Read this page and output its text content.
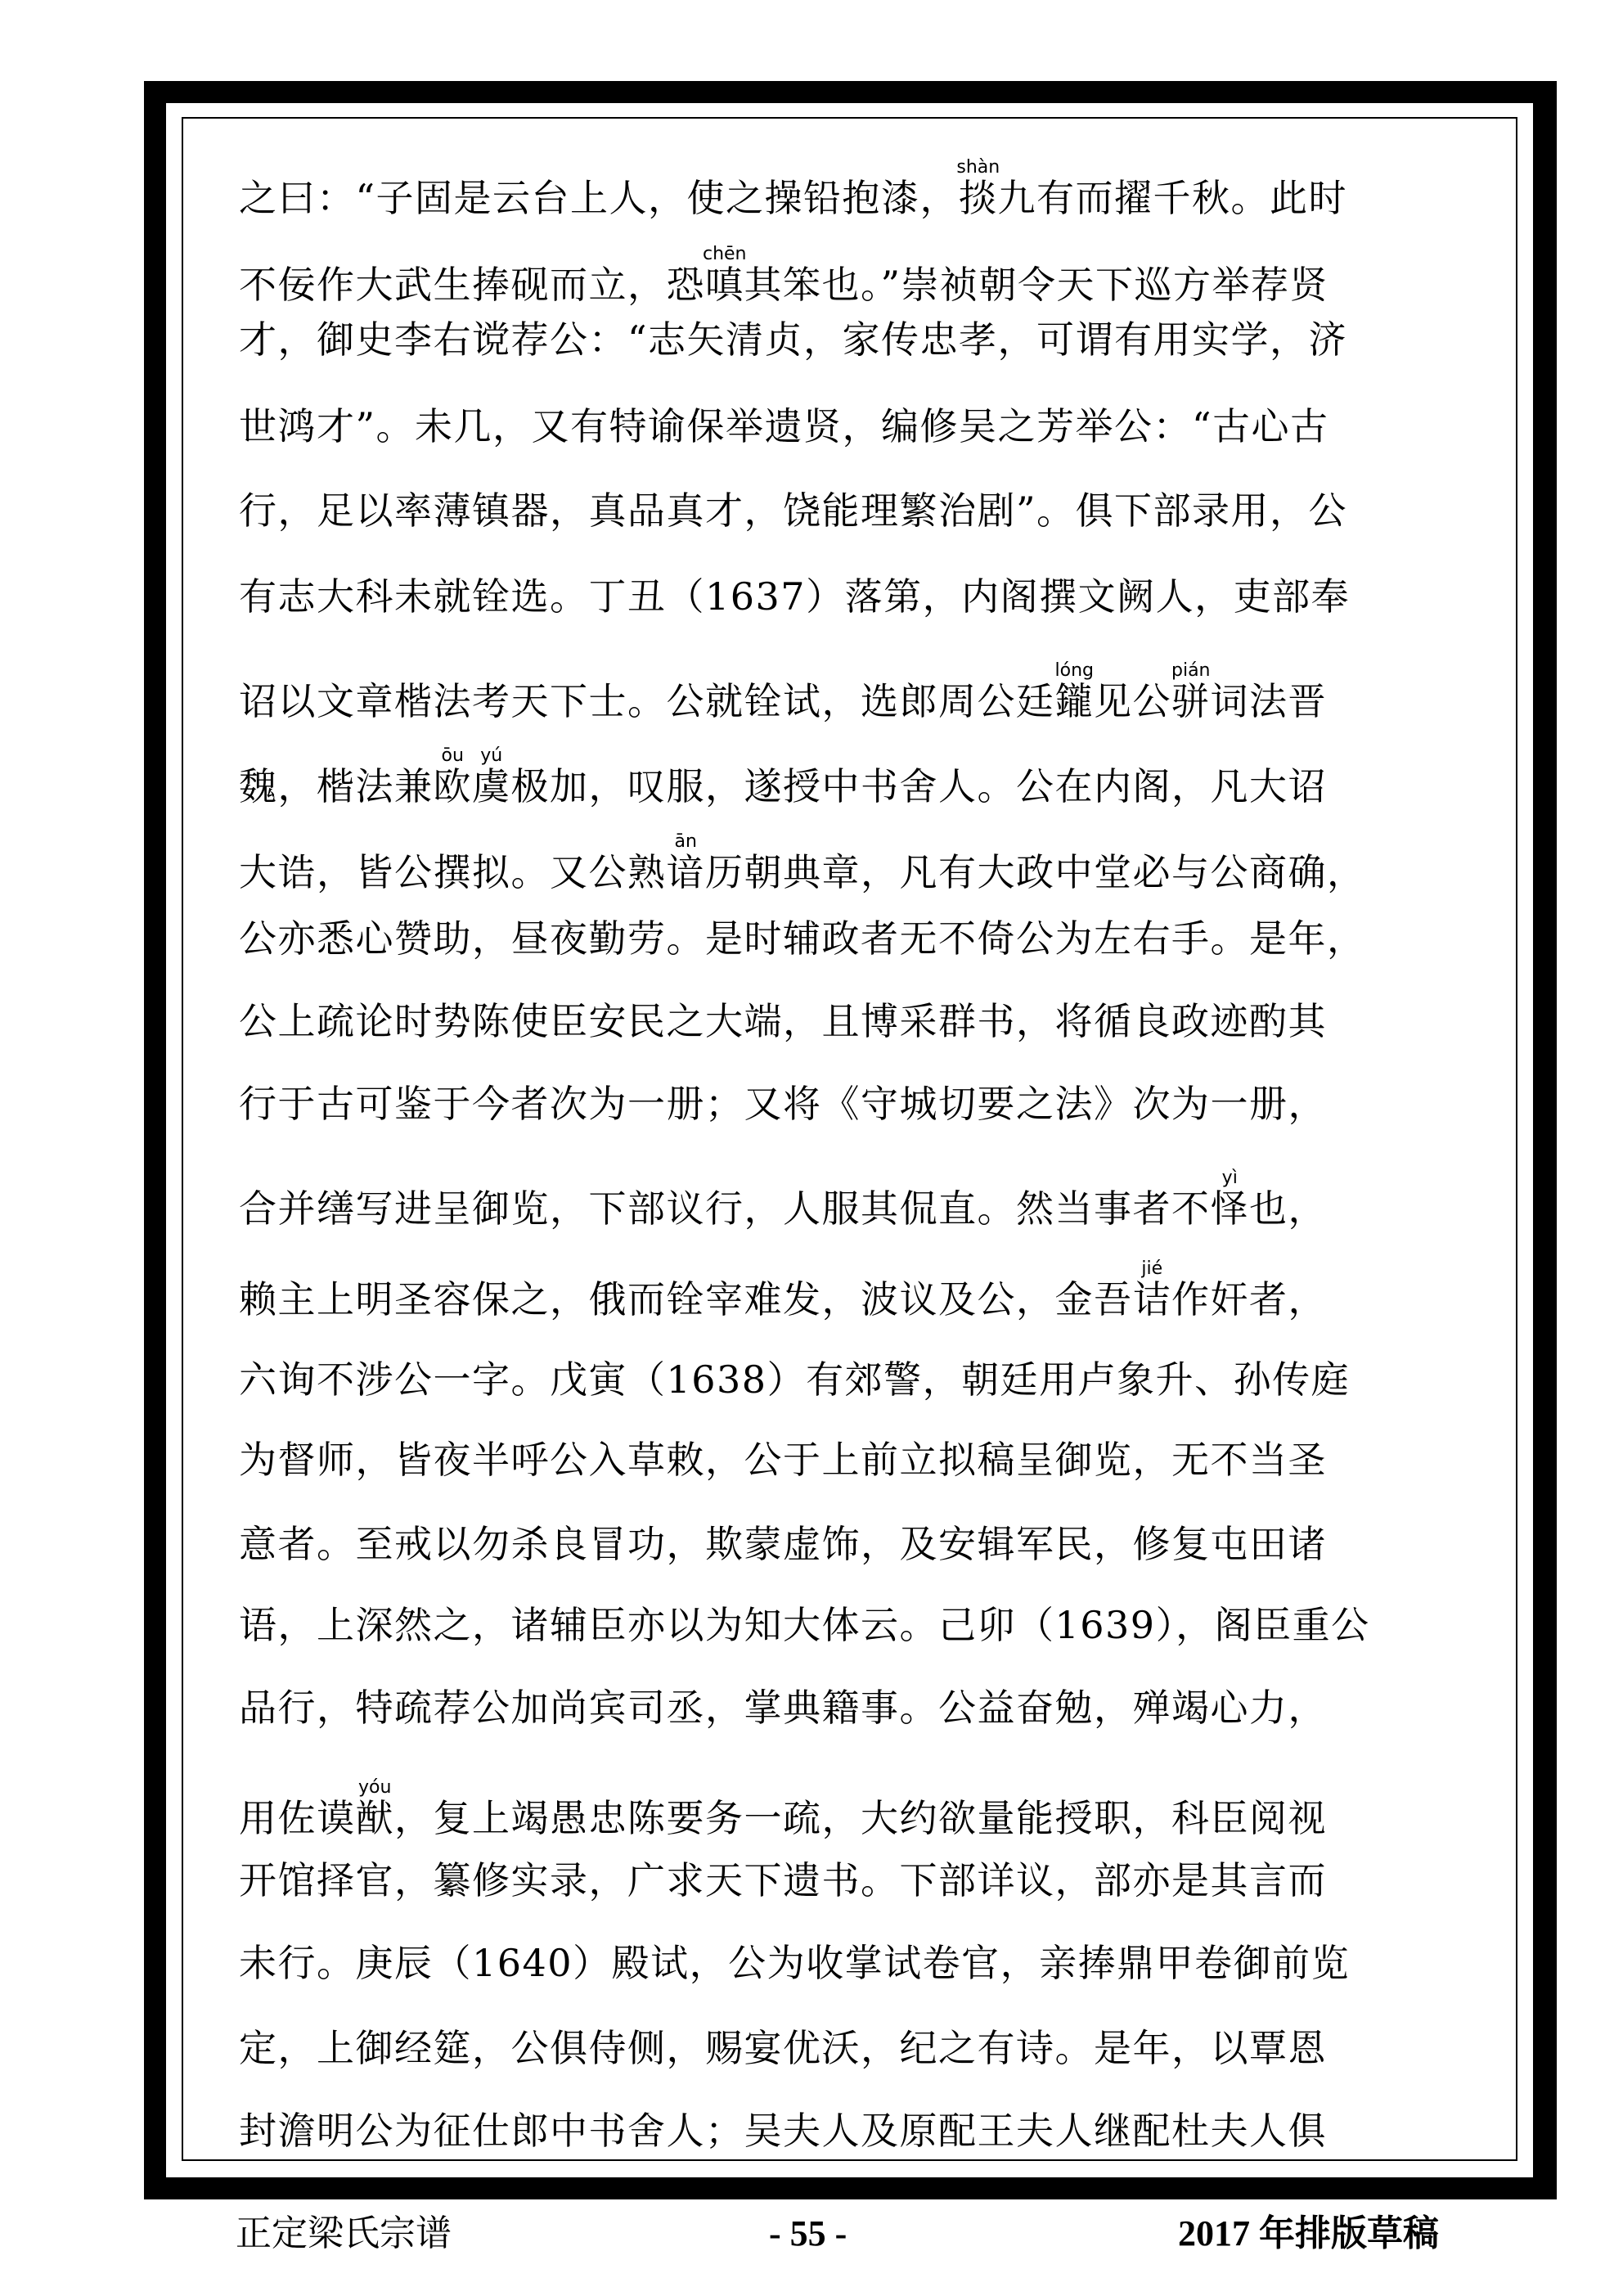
之曰：“子固是云台上人，使之操铅抱漆，掞shàn九有而擢千秋。此时
不佞作大武生捧砚而立，恐嗔chēn其笨也。”崇祯朝令天下巡方举荐贤
才，御史李右谠荐公：“志矢清贞，家传忠孝，可谓有用实学，济
世鸿才”。未几，又有特谕保举遗贤，编修吴之芳举公：“古心古
行，足以率薄镇器，真品真才，饶能理繁治剧”。俱下部录用，公
有志大科未就铨选。丁丑（1637）落第，内阁撰文阙人，吏部奉
诏以文章楷法考天下士。公就铨试，选郎周公廷鑨lóng见公骈pián词法晋
魏，楷法兼欧ōu虞yú极加，叹服，遂授中书舍人。公在内阁，凡大诏
大诰，皆公撰拟。又公熟谙ān历朝典章，凡有大政中堂必与公商确，
公亦悉心赞助，昼夜勤劳。是时辅政者无不倚公为左右手。是年，
公上疏论时势陈使臣安民之大端，且博采群书，将循良政迹酌其
行于古可鉴于今者次为一册；又将《守城切要之法》次为一册，
合并缮写进呈御览，下部议行，人服其侃直。然当事者不怿yì也，
赖主上明圣容保之，俄而铨宰难发，波议及公，金吾诘jié作奸者，
六询不涉公一字。戊寅（1638）有郊警，朝廷用卢象升、孙传庭
为督师，皆夜半呼公入草敕，公于上前立拟稿呈御览，无不当圣
意者。至戒以勿杀良冒功，欺蒙虚饰，及安辑军民，修复屯田诸
语，上深然之，诸辅臣亦以为知大体云。己卯（1639），阁臣重公
品行，特疏荐公加尚宾司丞，掌典籍事。公益奋勉，殚竭心力，
用佐谟猷yóu，复上竭愚忠陈要务一疏，大约欲量能授职，科臣阅视
开馆择官，纂修实录，广求天下遗书。下部详议，部亦是其言而
未行。庚辰（1640）殿试，公为收掌试卷官，亲捧鼎甲卷御前览
定，上御经筵，公俱侍侧，赐宴优沃，纪之有诗。是年，以覃恩
封澹明公为征仕郎中书舍人；吴夫人及原配王夫人继配杜夫人俱
正定梁氏宗谱	- 55 -	2017 年排版草稿
